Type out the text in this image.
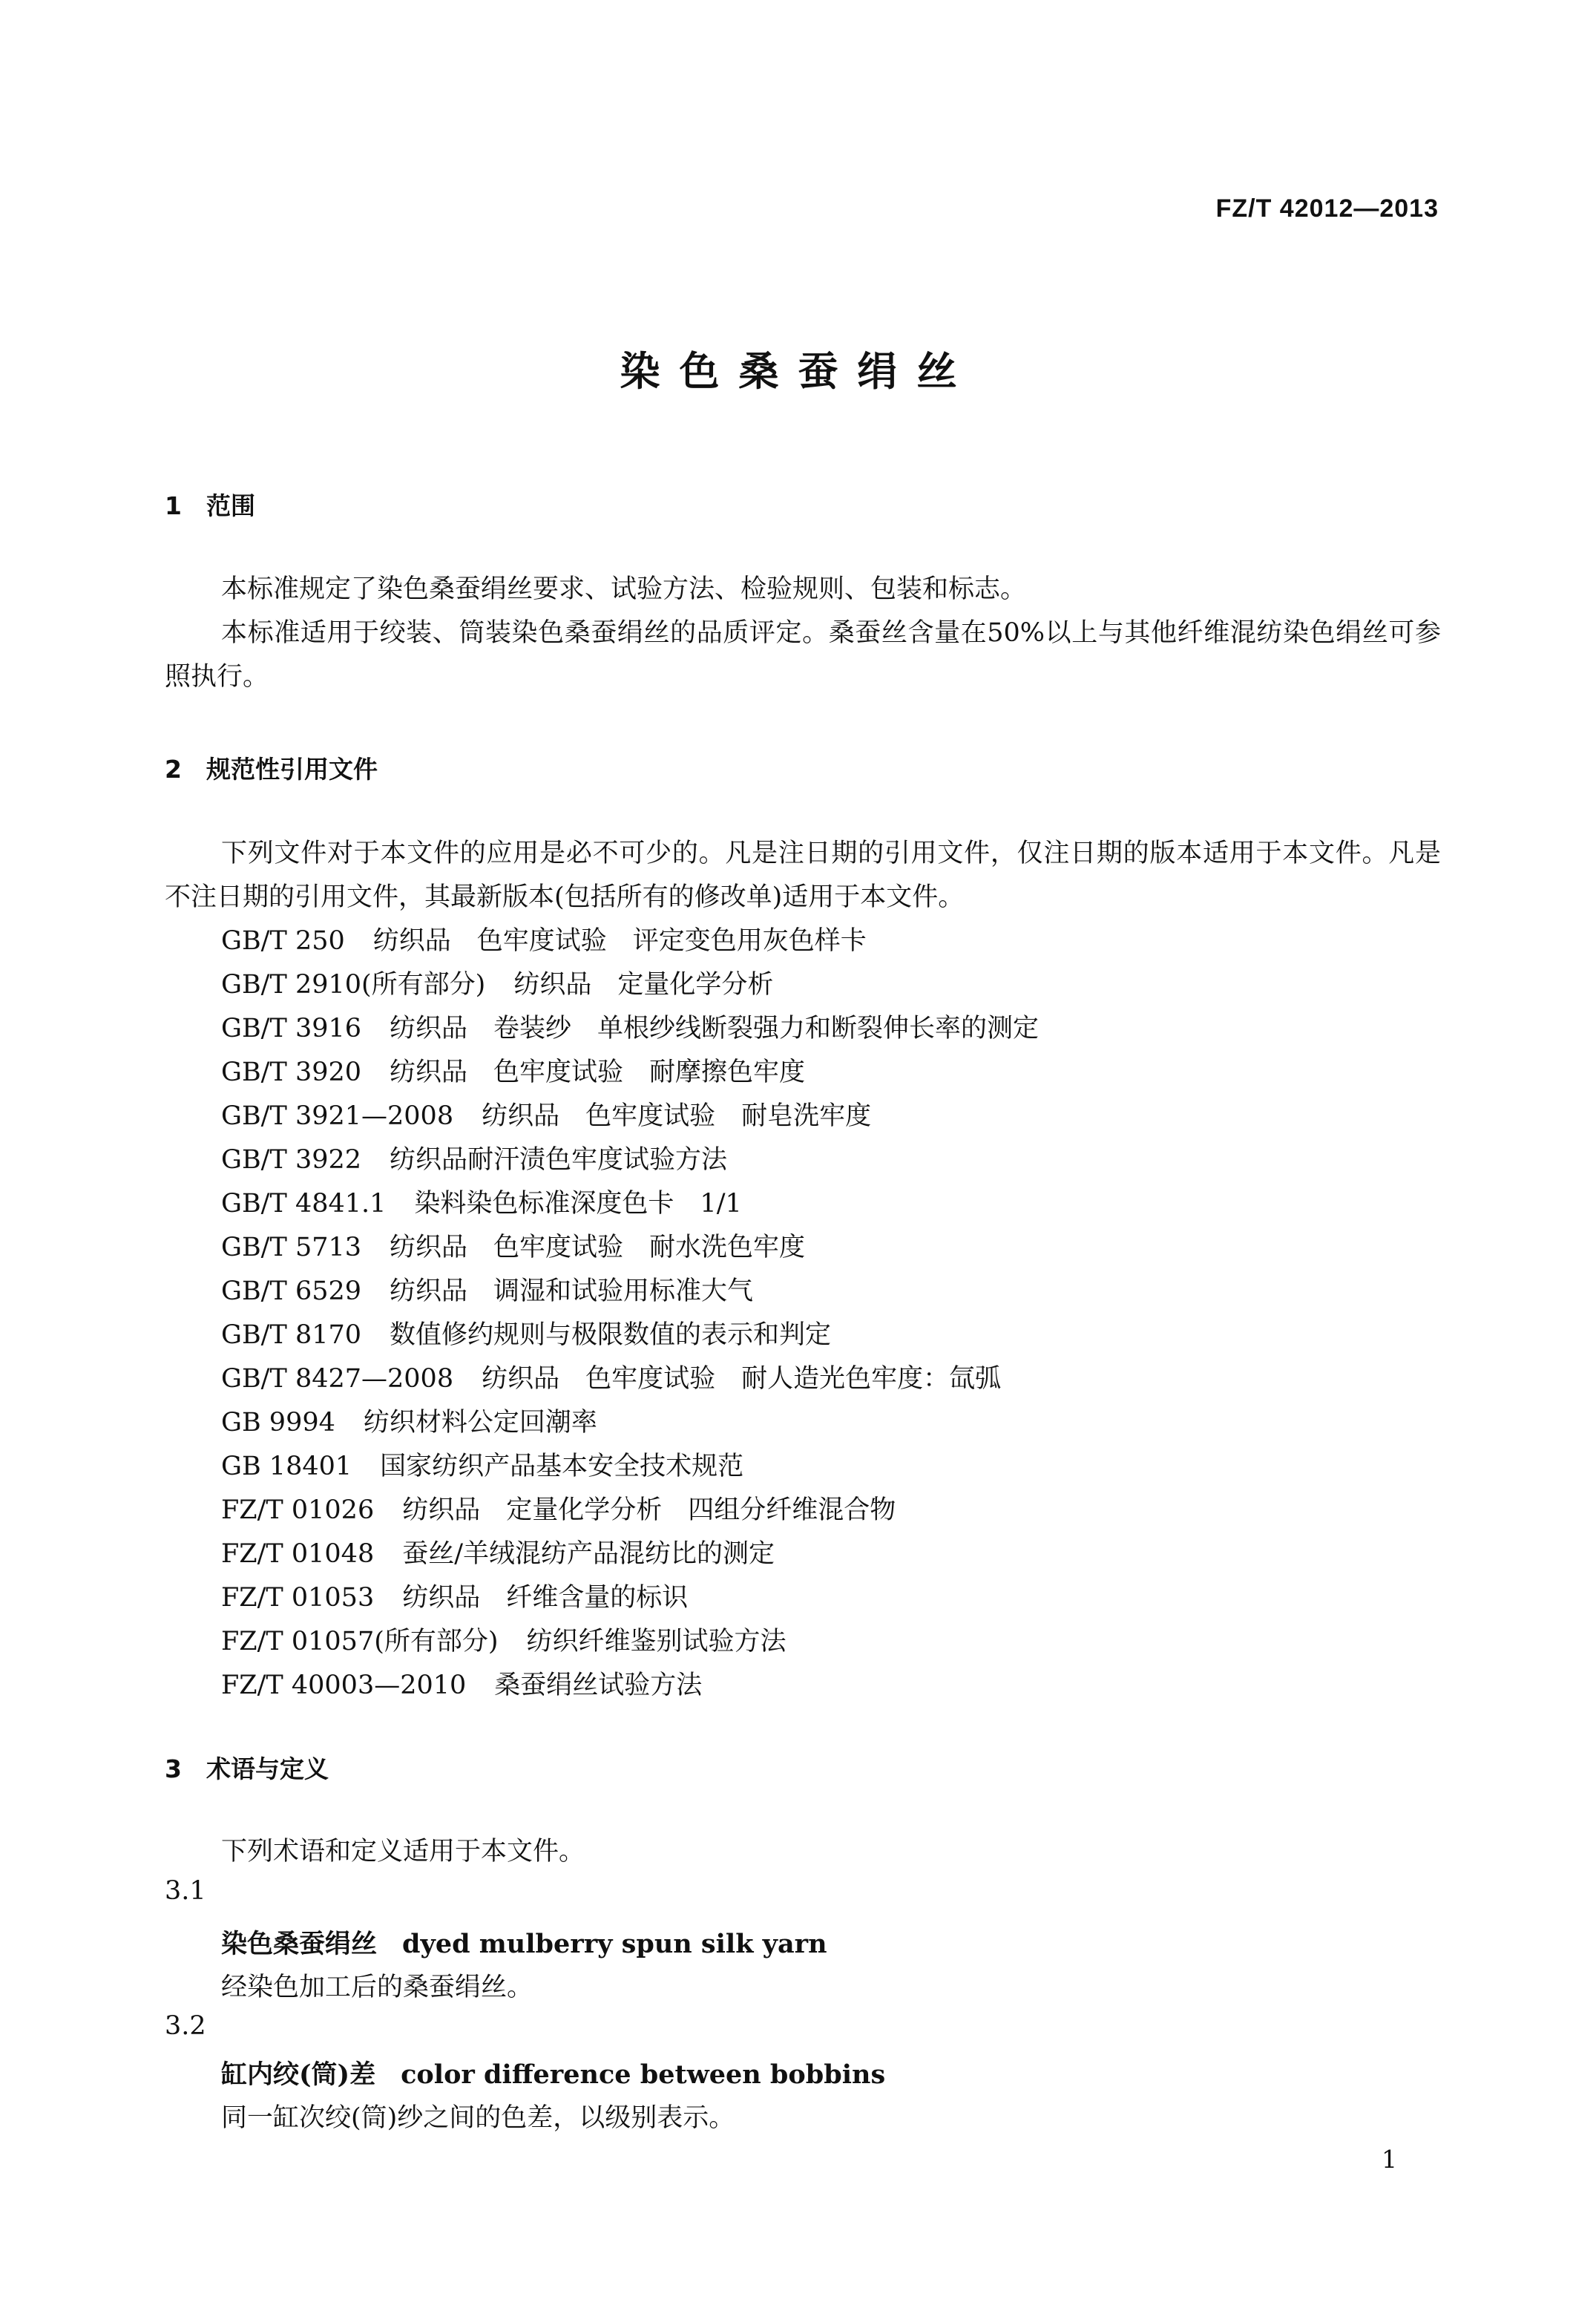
FZ/T 42012—2013
染色桑蚕绢丝
1 范围
本标准规定了染色桑蚕绢丝要求、试验方法、检验规则、包装和标志。
本标准适用于绞装、筒装染色桑蚕绢丝的品质评定。桑蚕丝含量在50%以上与其他纤维混纺染色绢丝可参照执行。
2 规范性引用文件
下列文件对于本文件的应用是必不可少的。凡是注日期的引用文件，仅注日期的版本适用于本文件。凡是不注日期的引用文件，其最新版本(包括所有的修改单)适用于本文件。
GB/T 250 纺织品　色牢度试验　评定变色用灰色样卡
GB/T 2910(所有部分) 纺织品　定量化学分析
GB/T 3916 纺织品　卷装纱　单根纱线断裂强力和断裂伸长率的测定
GB/T 3920 纺织品　色牢度试验　耐摩擦色牢度
GB/T 3921—2008 纺织品　色牢度试验　耐皂洗牢度
GB/T 3922 纺织品耐汗渍色牢度试验方法
GB/T 4841.1 染料染色标准深度色卡　1/1
GB/T 5713 纺织品　色牢度试验　耐水洗色牢度
GB/T 6529 纺织品　调湿和试验用标准大气
GB/T 8170 数值修约规则与极限数值的表示和判定
GB/T 8427—2008 纺织品　色牢度试验　耐人造光色牢度：氙弧
GB 9994 纺织材料公定回潮率
GB 18401 国家纺织产品基本安全技术规范
FZ/T 01026 纺织品　定量化学分析　四组分纤维混合物
FZ/T 01048 蚕丝/羊绒混纺产品混纺比的测定
FZ/T 01053 纺织品　纤维含量的标识
FZ/T 01057(所有部分) 纺织纤维鉴别试验方法
FZ/T 40003—2010 桑蚕绢丝试验方法
3 术语与定义
下列术语和定义适用于本文件。
3.1
染色桑蚕绢丝 dyed mulberry spun silk yarn
经染色加工后的桑蚕绢丝。
3.2
缸内绞(筒)差 color difference between bobbins
同一缸次绞(筒)纱之间的色差，以级别表示。
1
